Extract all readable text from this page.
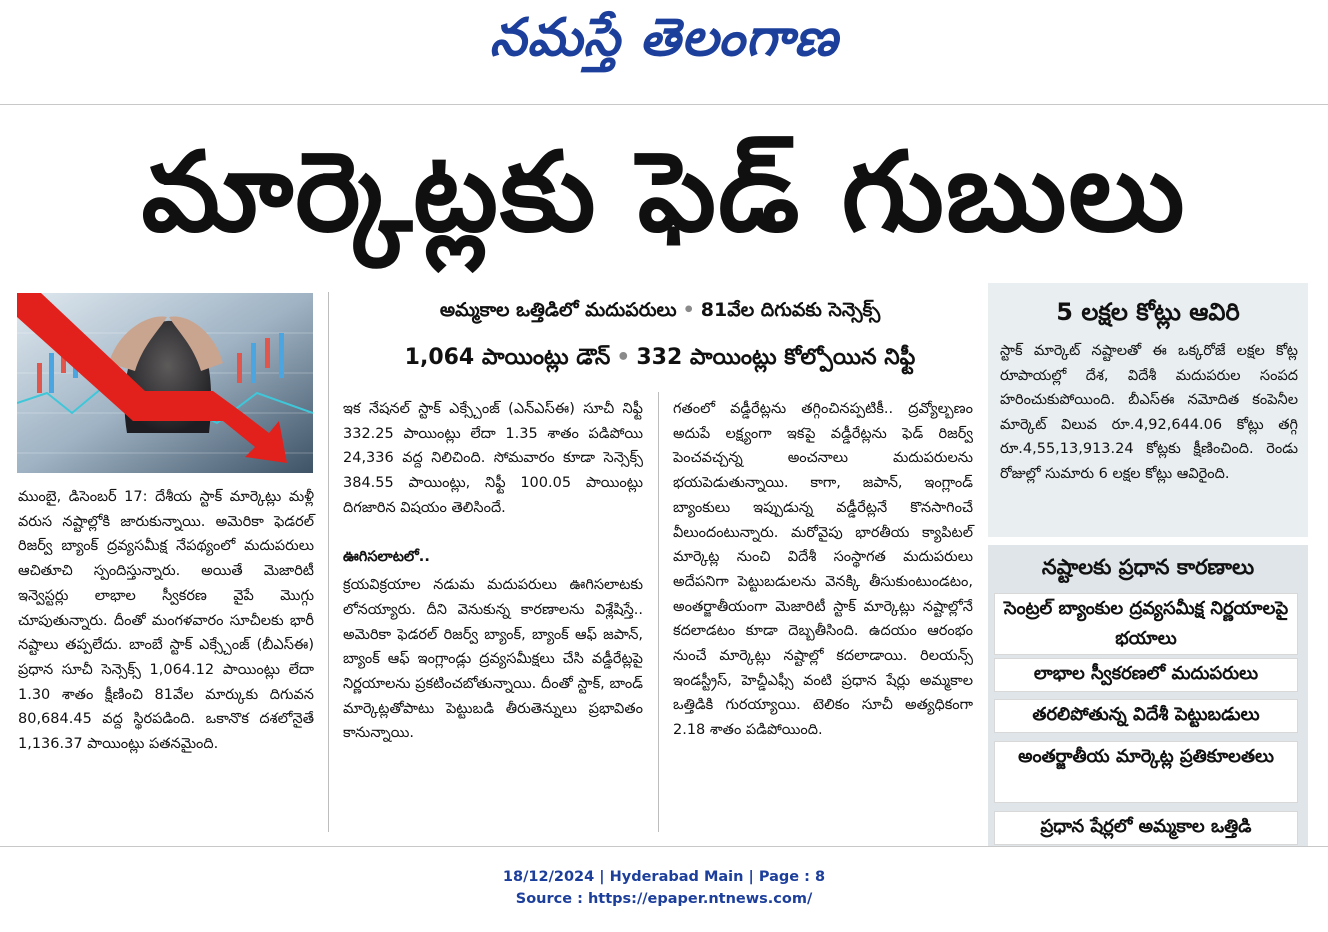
నమస్తే తెలంగాణ
మార్కెట్లకు ఫెడ్ గుబులు
అమ్మకాల ఒత్తిడిలో మదుపరులు • 81వేల దిగువకు సెన్సెక్స్
1,064 పాయింట్లు డౌన్ • 332 పాయింట్లు కోల్పోయిన నిఫ్టీ

ముంబై, డిసెంబర్ 17: దేశీయ స్టాక్ మార్కెట్లు మళ్లీ వరుస నష్టాల్లోకి జారుకున్నాయి. అమెరికా ఫెడరల్ రిజర్వ్ బ్యాంక్ ద్రవ్యసమీక్ష నేపథ్యంలో మదుపరులు ఆచితూచి స్పందిస్తున్నారు. అయితే మెజారిటీ ఇన్వెస్టర్లు లాభాల స్వీకరణ వైపే మొగ్గు చూపుతున్నారు. దీంతో మంగళవారం సూచీలకు భారీ నష్టాలు తప్పలేదు. బాంబే స్టాక్ ఎక్స్చేంజ్ (బీఎస్ఈ) ప్రధాన సూచీ సెన్సెక్స్ 1,064.12 పాయింట్లు లేదా 1.30 శాతం క్షీణించి 81వేల మార్కుకు దిగువన 80,684.45 వద్ద స్థిరపడింది. ఒకానొక దశలోనైతే 1,136.37 పాయింట్లు పతనమైంది.

ఇక నేషనల్ స్టాక్ ఎక్స్చేంజ్ (ఎన్ఎస్ఈ) సూచీ నిఫ్టీ 332.25 పాయింట్లు లేదా 1.35 శాతం పడిపోయి 24,336 వద్ద నిలిచింది. సోమవారం కూడా సెన్సెక్స్ 384.55 పాయింట్లు, నిఫ్టీ 100.05 పాయింట్లు దిగజారిన విషయం తెలిసిందే.

ఊగిసలాటలో..

క్రయవిక్రయాల నడుమ మదుపరులు ఊగిసలాటకు లోనయ్యారు. దీని వెనుకున్న కారణాలను విశ్లేషిస్తే.. అమెరికా ఫెడరల్ రిజర్వ్ బ్యాంక్, బ్యాంక్ ఆఫ్ జపాన్, బ్యాంక్ ఆఫ్ ఇంగ్లాండ్లు ద్రవ్యసమీక్షలు చేసి వడ్డీరేట్లపై నిర్ణయాలను ప్రకటించబోతున్నాయి. దీంతో స్టాక్, బాండ్ మార్కెట్లతోపాటు పెట్టుబడి తీరుతెన్నులు ప్రభావితం కానున్నాయి.

గతంలో వడ్డీరేట్లను తగ్గించినప్పటికీ.. ద్రవ్యోల్బణం అదుపే లక్ష్యంగా ఇకపై వడ్డీరేట్లను ఫెడ్ రిజర్వ్ పెంచవచ్చన్న అంచనాలు మదుపరులను భయపెడుతున్నాయి. కాగా, జపాన్, ఇంగ్లాండ్ బ్యాంకులు ఇప్పుడున్న వడ్డీరేట్లనే కొనసాగించే వీలుందంటున్నారు. మరోవైపు భారతీయ క్యాపిటల్ మార్కెట్ల నుంచి విదేశీ సంస్థాగత మదుపరులు అదేపనిగా పెట్టుబడులను వెనక్కి తీసుకుంటుండటం, అంతర్జాతీయంగా మెజారిటీ స్టాక్ మార్కెట్లు నష్టాల్లోనే కదలాడటం కూడా దెబ్బతీసింది. ఉదయం ఆరంభం నుంచే మార్కెట్లు నష్టాల్లో కదలాడాయి. రిలయన్స్ ఇండస్ట్రీస్, హెచ్డీఎఫ్సీ వంటి ప్రధాన షేర్లు అమ్మకాల ఒత్తిడికి గురయ్యాయి. టెలికం సూచీ అత్యధికంగా 2.18 శాతం పడిపోయింది.

5 లక్షల కోట్లు ఆవిరి
స్టాక్ మార్కెట్ నష్టాలతో ఈ ఒక్కరోజే లక్షల కోట్ల రూపాయల్లో దేశ, విదేశీ మదుపరుల సంపద హరించుకుపోయింది. బీఎస్ఈ నమోదిత కంపెనీల మార్కెట్ విలువ రూ.4,92,644.06 కోట్లు తగ్గి రూ.4,55,13,913.24 కోట్లకు క్షీణించింది. రెండు రోజుల్లో సుమారు 6 లక్షల కోట్లు ఆవిరైంది.
నష్టాలకు ప్రధాన కారణాలు
సెంట్రల్ బ్యాంకుల ద్రవ్యసమీక్ష నిర్ణయాలపై భయాలు
లాభాల స్వీకరణలో మదుపరులు
తరలిపోతున్న విదేశీ పెట్టుబడులు
అంతర్జాతీయ మార్కెట్ల ప్రతికూలతలు
ప్రధాన షేర్లలో అమ్మకాల ఒత్తిడి
18/12/2024 | Hyderabad Main | Page : 8
Source : https://epaper.ntnews.com/
